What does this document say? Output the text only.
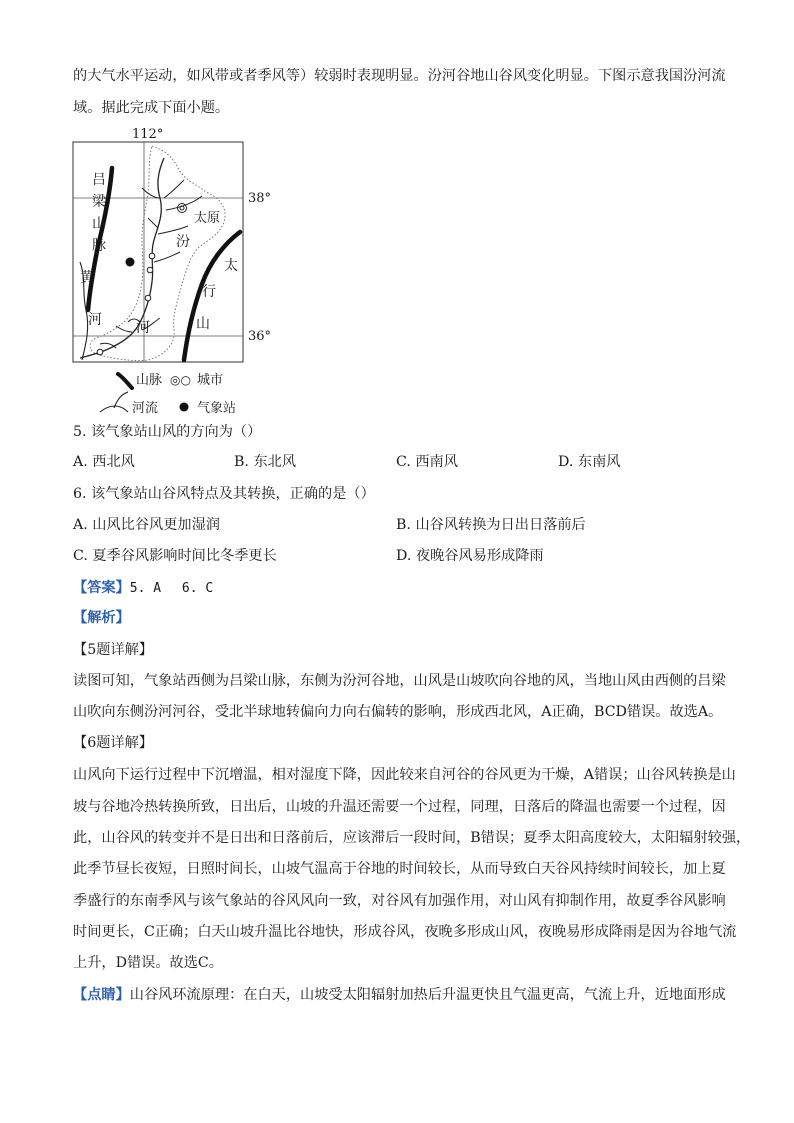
的大气水平运动，如风带或者季风等）较弱时表现明显。汾河谷地山谷风变化明显。下图示意我国汾河流
域。据此完成下面小题。
112°
38°
36°
吕
梁
山
脉
太原
汾
太
行
山
黄
河 河
山脉 ◎○ 城市
河流	气象站
5. 该气象站山风的方向为（）
A. 西北风	B. 东北风	C. 西南风	D. 东南风
6. 该气象站山谷风特点及其转换，正确的是（）
A. 山风比谷风更加湿润	B. 山谷风转换为日出日落前后
C. 夏季谷风影响时间比冬季更长	D. 夜晚谷风易形成降雨
【答案】5. A　 6. C
【解析】
【5题详解】
读图可知，气象站西侧为吕梁山脉，东侧为汾河谷地，山风是山坡吹向谷地的风，当地山风由西侧的吕梁
山吹向东侧汾河河谷，受北半球地转偏向力向右偏转的影响，形成西北风，A正确，BCD错误。故选A。
【6题详解】
山风向下运行过程中下沉增温，相对湿度下降，因此较来自河谷的谷风更为干燥，A错误；山谷风转换是山
坡与谷地冷热转换所致，日出后，山坡的升温还需要一个过程，同理，日落后的降温也需要一个过程，因
此，山谷风的转变并不是日出和日落前后，应该滞后一段时间，B错误；夏季太阳高度较大，太阳辐射较强，
此季节昼长夜短，日照时间长，山坡气温高于谷地的时间较长，从而导致白天谷风持续时间较长，加上夏
季盛行的东南季风与该气象站的谷风风向一致，对谷风有加强作用，对山风有抑制作用，故夏季谷风影响
时间更长，C正确；白天山坡升温比谷地快，形成谷风，夜晚多形成山风，夜晚易形成降雨是因为谷地气流
上升，D错误。故选C。
【点睛】山谷风环流原理：在白天，山坡受太阳辐射加热后升温更快且气温更高，气流上升，近地面形成
